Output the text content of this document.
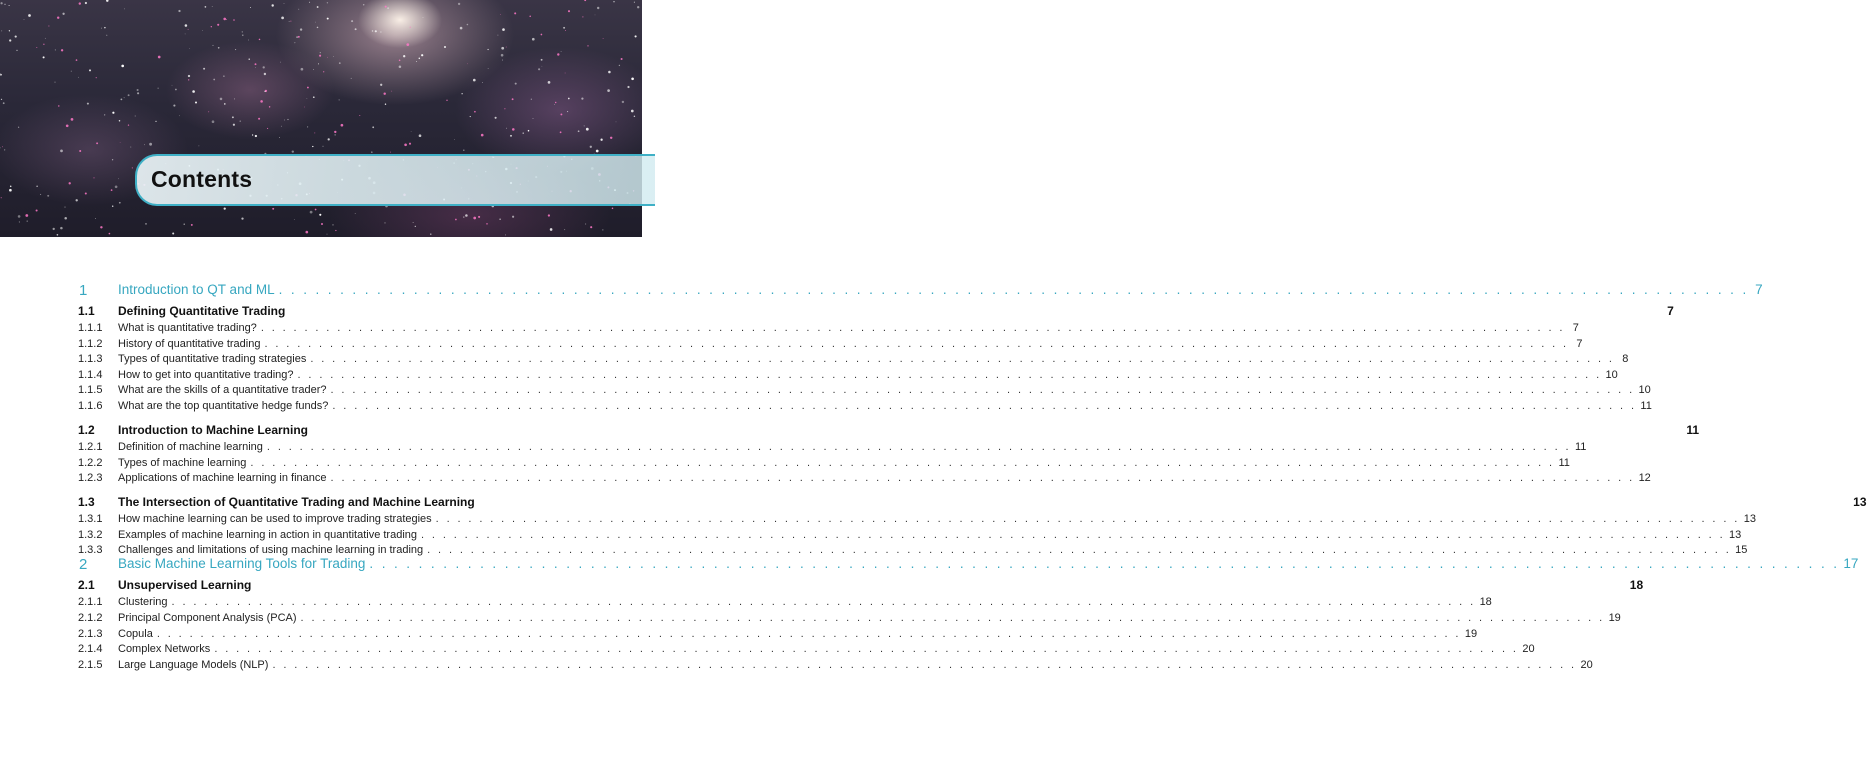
Contents
1 Introduction to QT and ML . . . . . . . . . . . . . . . . . . . . . . . . . . . . . . . . . . . . . . . . . . . . . . . . . . . . . . . . . . . . . . . . . . . . . . . . . . . . . . . . . . . . . . . . . . . . . . . . . . . . . . . . . . . . . . . . . . . . . . . . 7
1.1 Defining Quantitative Trading	7
1.1.1 What is quantitative trading? . . . . . . . . . . . . . . . . . . . . . . . . . . . . . . . . . . . . . . . . . . . . . . . . . . . . . . . . . . . . . . . . . . . . . . . . . . . . . . . . . . . . . . . . . . . . . . . . . . . . . . . . . . . . . . . . . . . . . . . . 7
1.1.2 History of quantitative trading . . . . . . . . . . . . . . . . . . . . . . . . . . . . . . . . . . . . . . . . . . . . . . . . . . . . . . . . . . . . . . . . . . . . . . . . . . . . . . . . . . . . . . . . . . . . . . . . . . . . . . . . . . . . . . . . . . . . . . . . 7
1.1.3 Types of quantitative trading strategies . . . . . . . . . . . . . . . . . . . . . . . . . . . . . . . . . . . . . . . . . . . . . . . . . . . . . . . . . . . . . . . . . . . . . . . . . . . . . . . . . . . . . . . . . . . . . . . . . . . . . . . . . . . . . . . . . . . . . . . . 8
1.1.4 How to get into quantitative trading? . . . . . . . . . . . . . . . . . . . . . . . . . . . . . . . . . . . . . . . . . . . . . . . . . . . . . . . . . . . . . . . . . . . . . . . . . . . . . . . . . . . . . . . . . . . . . . . . . . . . . . . . . . . . . . . . . . . . . . . . 10
1.1.5 What are the skills of a quantitative trader? . . . . . . . . . . . . . . . . . . . . . . . . . . . . . . . . . . . . . . . . . . . . . . . . . . . . . . . . . . . . . . . . . . . . . . . . . . . . . . . . . . . . . . . . . . . . . . . . . . . . . . . . . . . . . . . . . . . . . . . . 10
1.1.6 What are the top quantitative hedge funds? . . . . . . . . . . . . . . . . . . . . . . . . . . . . . . . . . . . . . . . . . . . . . . . . . . . . . . . . . . . . . . . . . . . . . . . . . . . . . . . . . . . . . . . . . . . . . . . . . . . . . . . . . . . . . . . . . . . . . . . . 11
1.2 Introduction to Machine Learning	11
1.2.1 Definition of machine learning . . . . . . . . . . . . . . . . . . . . . . . . . . . . . . . . . . . . . . . . . . . . . . . . . . . . . . . . . . . . . . . . . . . . . . . . . . . . . . . . . . . . . . . . . . . . . . . . . . . . . . . . . . . . . . . . . . . . . . . . 11
1.2.2 Types of machine learning . . . . . . . . . . . . . . . . . . . . . . . . . . . . . . . . . . . . . . . . . . . . . . . . . . . . . . . . . . . . . . . . . . . . . . . . . . . . . . . . . . . . . . . . . . . . . . . . . . . . . . . . . . . . . . . . . . . . . . . . 11
1.2.3 Applications of machine learning in finance . . . . . . . . . . . . . . . . . . . . . . . . . . . . . . . . . . . . . . . . . . . . . . . . . . . . . . . . . . . . . . . . . . . . . . . . . . . . . . . . . . . . . . . . . . . . . . . . . . . . . . . . . . . . . . . . . . . . . . . . 12
1.3 The Intersection of Quantitative Trading and Machine Learning	13
1.3.1 How machine learning can be used to improve trading strategies . . . . . . . . . . . . . . . . . . . . . . . . . . . . . . . . . . . . . . . . . . . . . . . . . . . . . . . . . . . . . . . . . . . . . . . . . . . . . . . . . . . . . . . . . . . . . . . . . . . . . . . . . . . . . . . . . . . . . . . . 13
1.3.2 Examples of machine learning in action in quantitative trading . . . . . . . . . . . . . . . . . . . . . . . . . . . . . . . . . . . . . . . . . . . . . . . . . . . . . . . . . . . . . . . . . . . . . . . . . . . . . . . . . . . . . . . . . . . . . . . . . . . . . . . . . . . . . . . . . . . . . . . . 13
1.3.3 Challenges and limitations of using machine learning in trading . . . . . . . . . . . . . . . . . . . . . . . . . . . . . . . . . . . . . . . . . . . . . . . . . . . . . . . . . . . . . . . . . . . . . . . . . . . . . . . . . . . . . . . . . . . . . . . . . . . . . . . . . . . . . . . . . . . . . . . . 15
2 Basic Machine Learning Tools for Trading . . . . . . . . . . . . . . . . . . . . . . . . . . . . . . . . . . . . . . . . . . . . . . . . . . . . . . . . . . . . . . . . . . . . . . . . . . . . . . . . . . . . . . . . . . . . . . . . . . . . . . . . . . . . . . . . . . . . . . . . 17
2.1 Unsupervised Learning	18
2.1.1 Clustering . . . . . . . . . . . . . . . . . . . . . . . . . . . . . . . . . . . . . . . . . . . . . . . . . . . . . . . . . . . . . . . . . . . . . . . . . . . . . . . . . . . . . . . . . . . . . . . . . . . . . . . . . . . . . . . . . . . . . . . . 18
2.1.2 Principal Component Analysis (PCA) . . . . . . . . . . . . . . . . . . . . . . . . . . . . . . . . . . . . . . . . . . . . . . . . . . . . . . . . . . . . . . . . . . . . . . . . . . . . . . . . . . . . . . . . . . . . . . . . . . . . . . . . . . . . . . . . . . . . . . . . 19
2.1.3 Copula . . . . . . . . . . . . . . . . . . . . . . . . . . . . . . . . . . . . . . . . . . . . . . . . . . . . . . . . . . . . . . . . . . . . . . . . . . . . . . . . . . . . . . . . . . . . . . . . . . . . . . . . . . . . . . . . . . . . . . . . 19
2.1.4 Complex Networks . . . . . . . . . . . . . . . . . . . . . . . . . . . . . . . . . . . . . . . . . . . . . . . . . . . . . . . . . . . . . . . . . . . . . . . . . . . . . . . . . . . . . . . . . . . . . . . . . . . . . . . . . . . . . . . . . . . . . . . . 20
2.1.5 Large Language Models (NLP) . . . . . . . . . . . . . . . . . . . . . . . . . . . . . . . . . . . . . . . . . . . . . . . . . . . . . . . . . . . . . . . . . . . . . . . . . . . . . . . . . . . . . . . . . . . . . . . . . . . . . . . . . . . . . . . . . . . . . . . . 20
